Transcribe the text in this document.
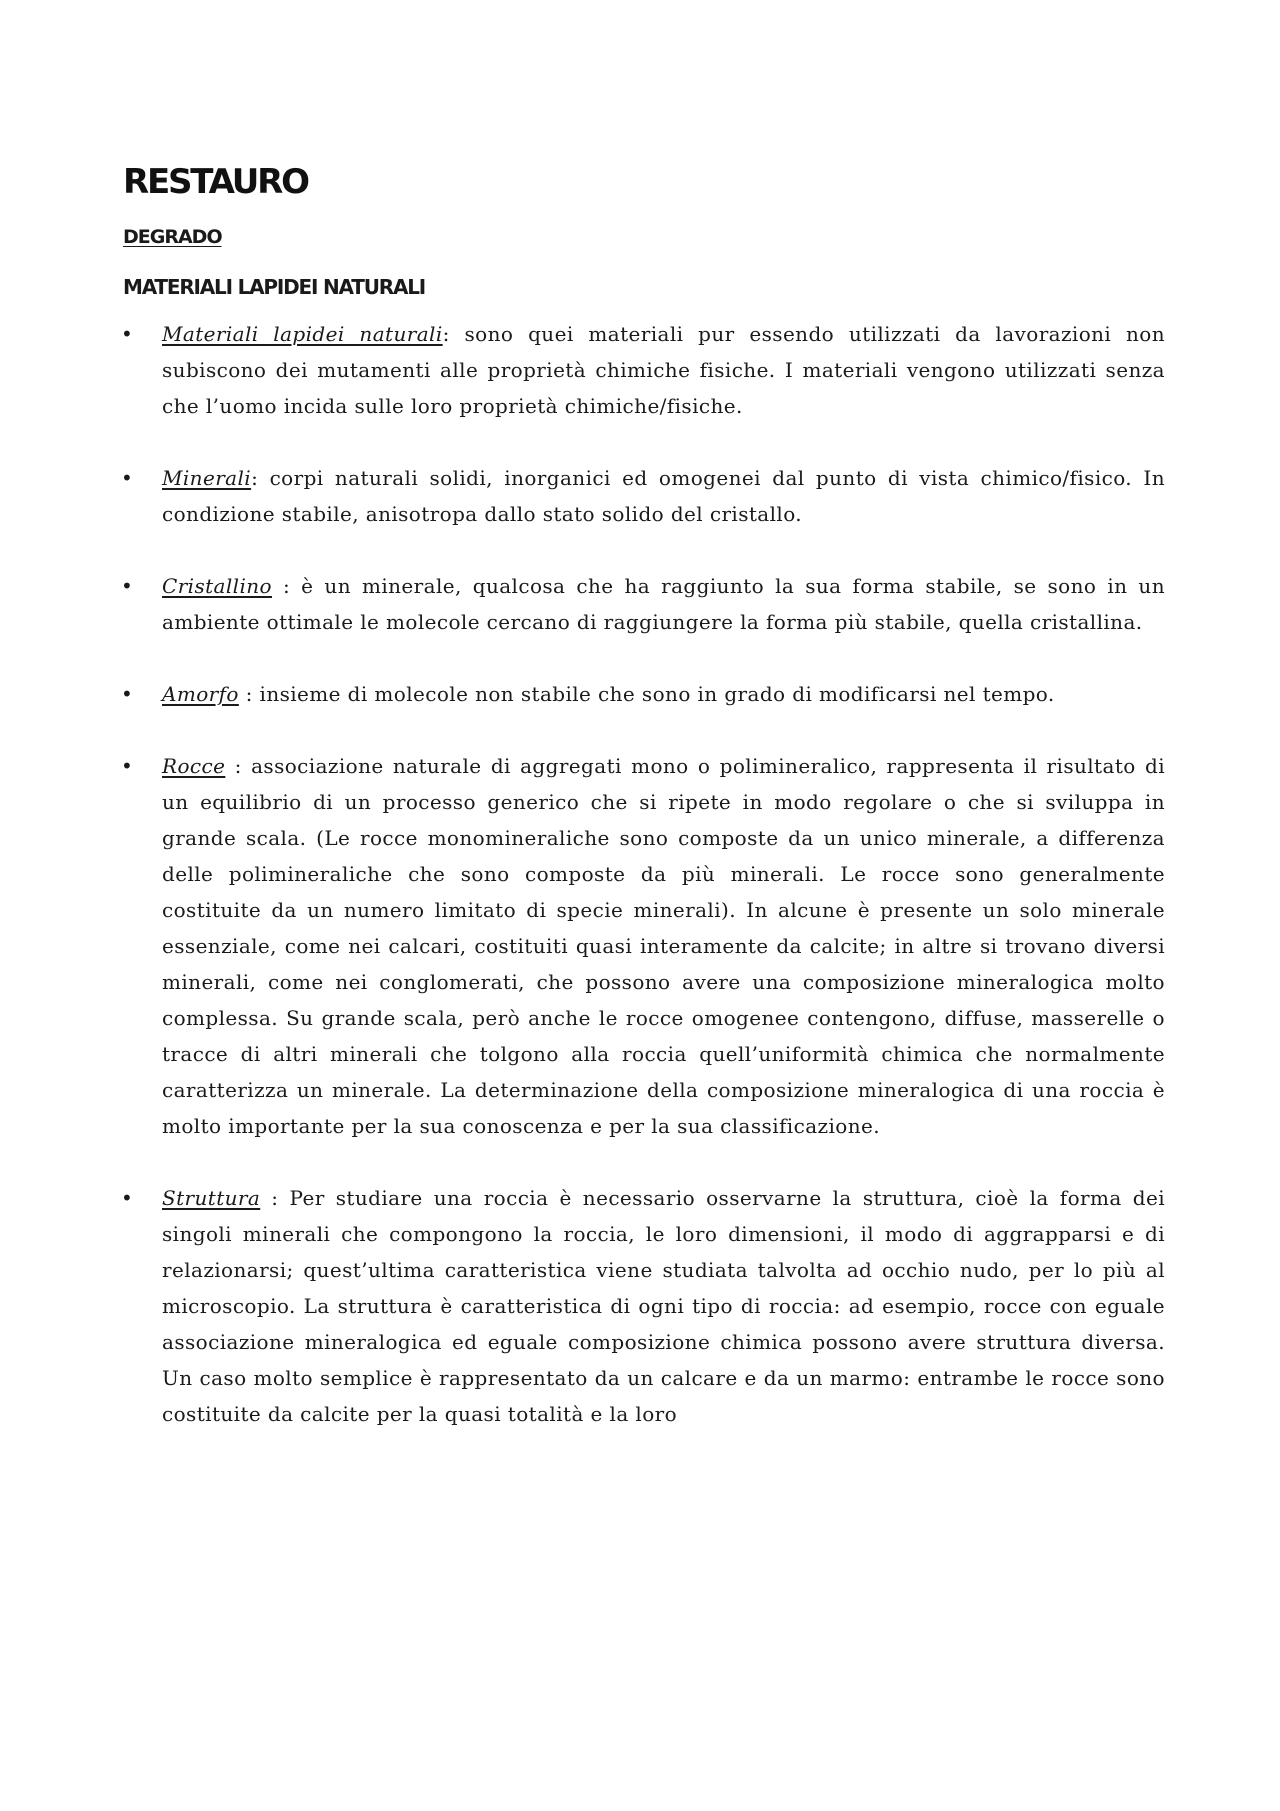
RESTAURO
DEGRADO
MATERIALI LAPIDEI NATURALI
• Materiali lapidei naturali: sono quei materiali pur essendo utilizzati da lavorazioni non subiscono dei mutamenti alle proprietà chimiche fisiche. I materiali vengono utilizzati senza che l’uomo incida sulle loro proprietà chimiche/fisiche.
• Minerali: corpi naturali solidi, inorganici ed omogenei dal punto di vista chimico/fisico. In condizione stabile, anisotropa dallo stato solido del cristallo.
• Cristallino : è un minerale, qualcosa che ha raggiunto la sua forma stabile, se sono in un ambiente ottimale le molecole cercano di raggiungere la forma più stabile, quella cristallina.
• Amorfo : insieme di molecole non stabile che sono in grado di modificarsi nel tempo.
• Rocce : associazione naturale di aggregati mono o polimineralico, rappresenta il risultato di un equilibrio di un processo generico che si ripete in modo regolare o che si sviluppa in grande scala. (Le rocce monomineraliche sono composte da un unico minerale, a differenza delle polimineraliche che sono composte da più minerali. Le rocce sono generalmente costituite da un numero limitato di specie minerali). In alcune è presente un solo minerale essenziale, come nei calcari, costituiti quasi interamente da calcite; in altre si trovano diversi minerali, come nei conglomerati, che possono avere una composizione mineralogica molto complessa. Su grande scala, però anche le rocce omogenee contengono, diffuse, masserelle o tracce di altri minerali che tolgono alla roccia quell’uniformità chimica che normalmente caratterizza un minerale. La determinazione della composizione mineralogica di una roccia è molto importante per la sua conoscenza e per la sua classificazione.
• Struttura : Per studiare una roccia è necessario osservarne la struttura, cioè la forma dei singoli minerali che compongono la roccia, le loro dimensioni, il modo di aggrapparsi e di relazionarsi; quest’ultima caratteristica viene studiata talvolta ad occhio nudo, per lo più al microscopio. La struttura è caratteristica di ogni tipo di roccia: ad esempio, rocce con eguale associazione mineralogica ed eguale composizione chimica possono avere struttura diversa. Un caso molto semplice è rappresentato da un calcare e da un marmo: entrambe le rocce sono costituite da calcite per la quasi totalità e la loro
